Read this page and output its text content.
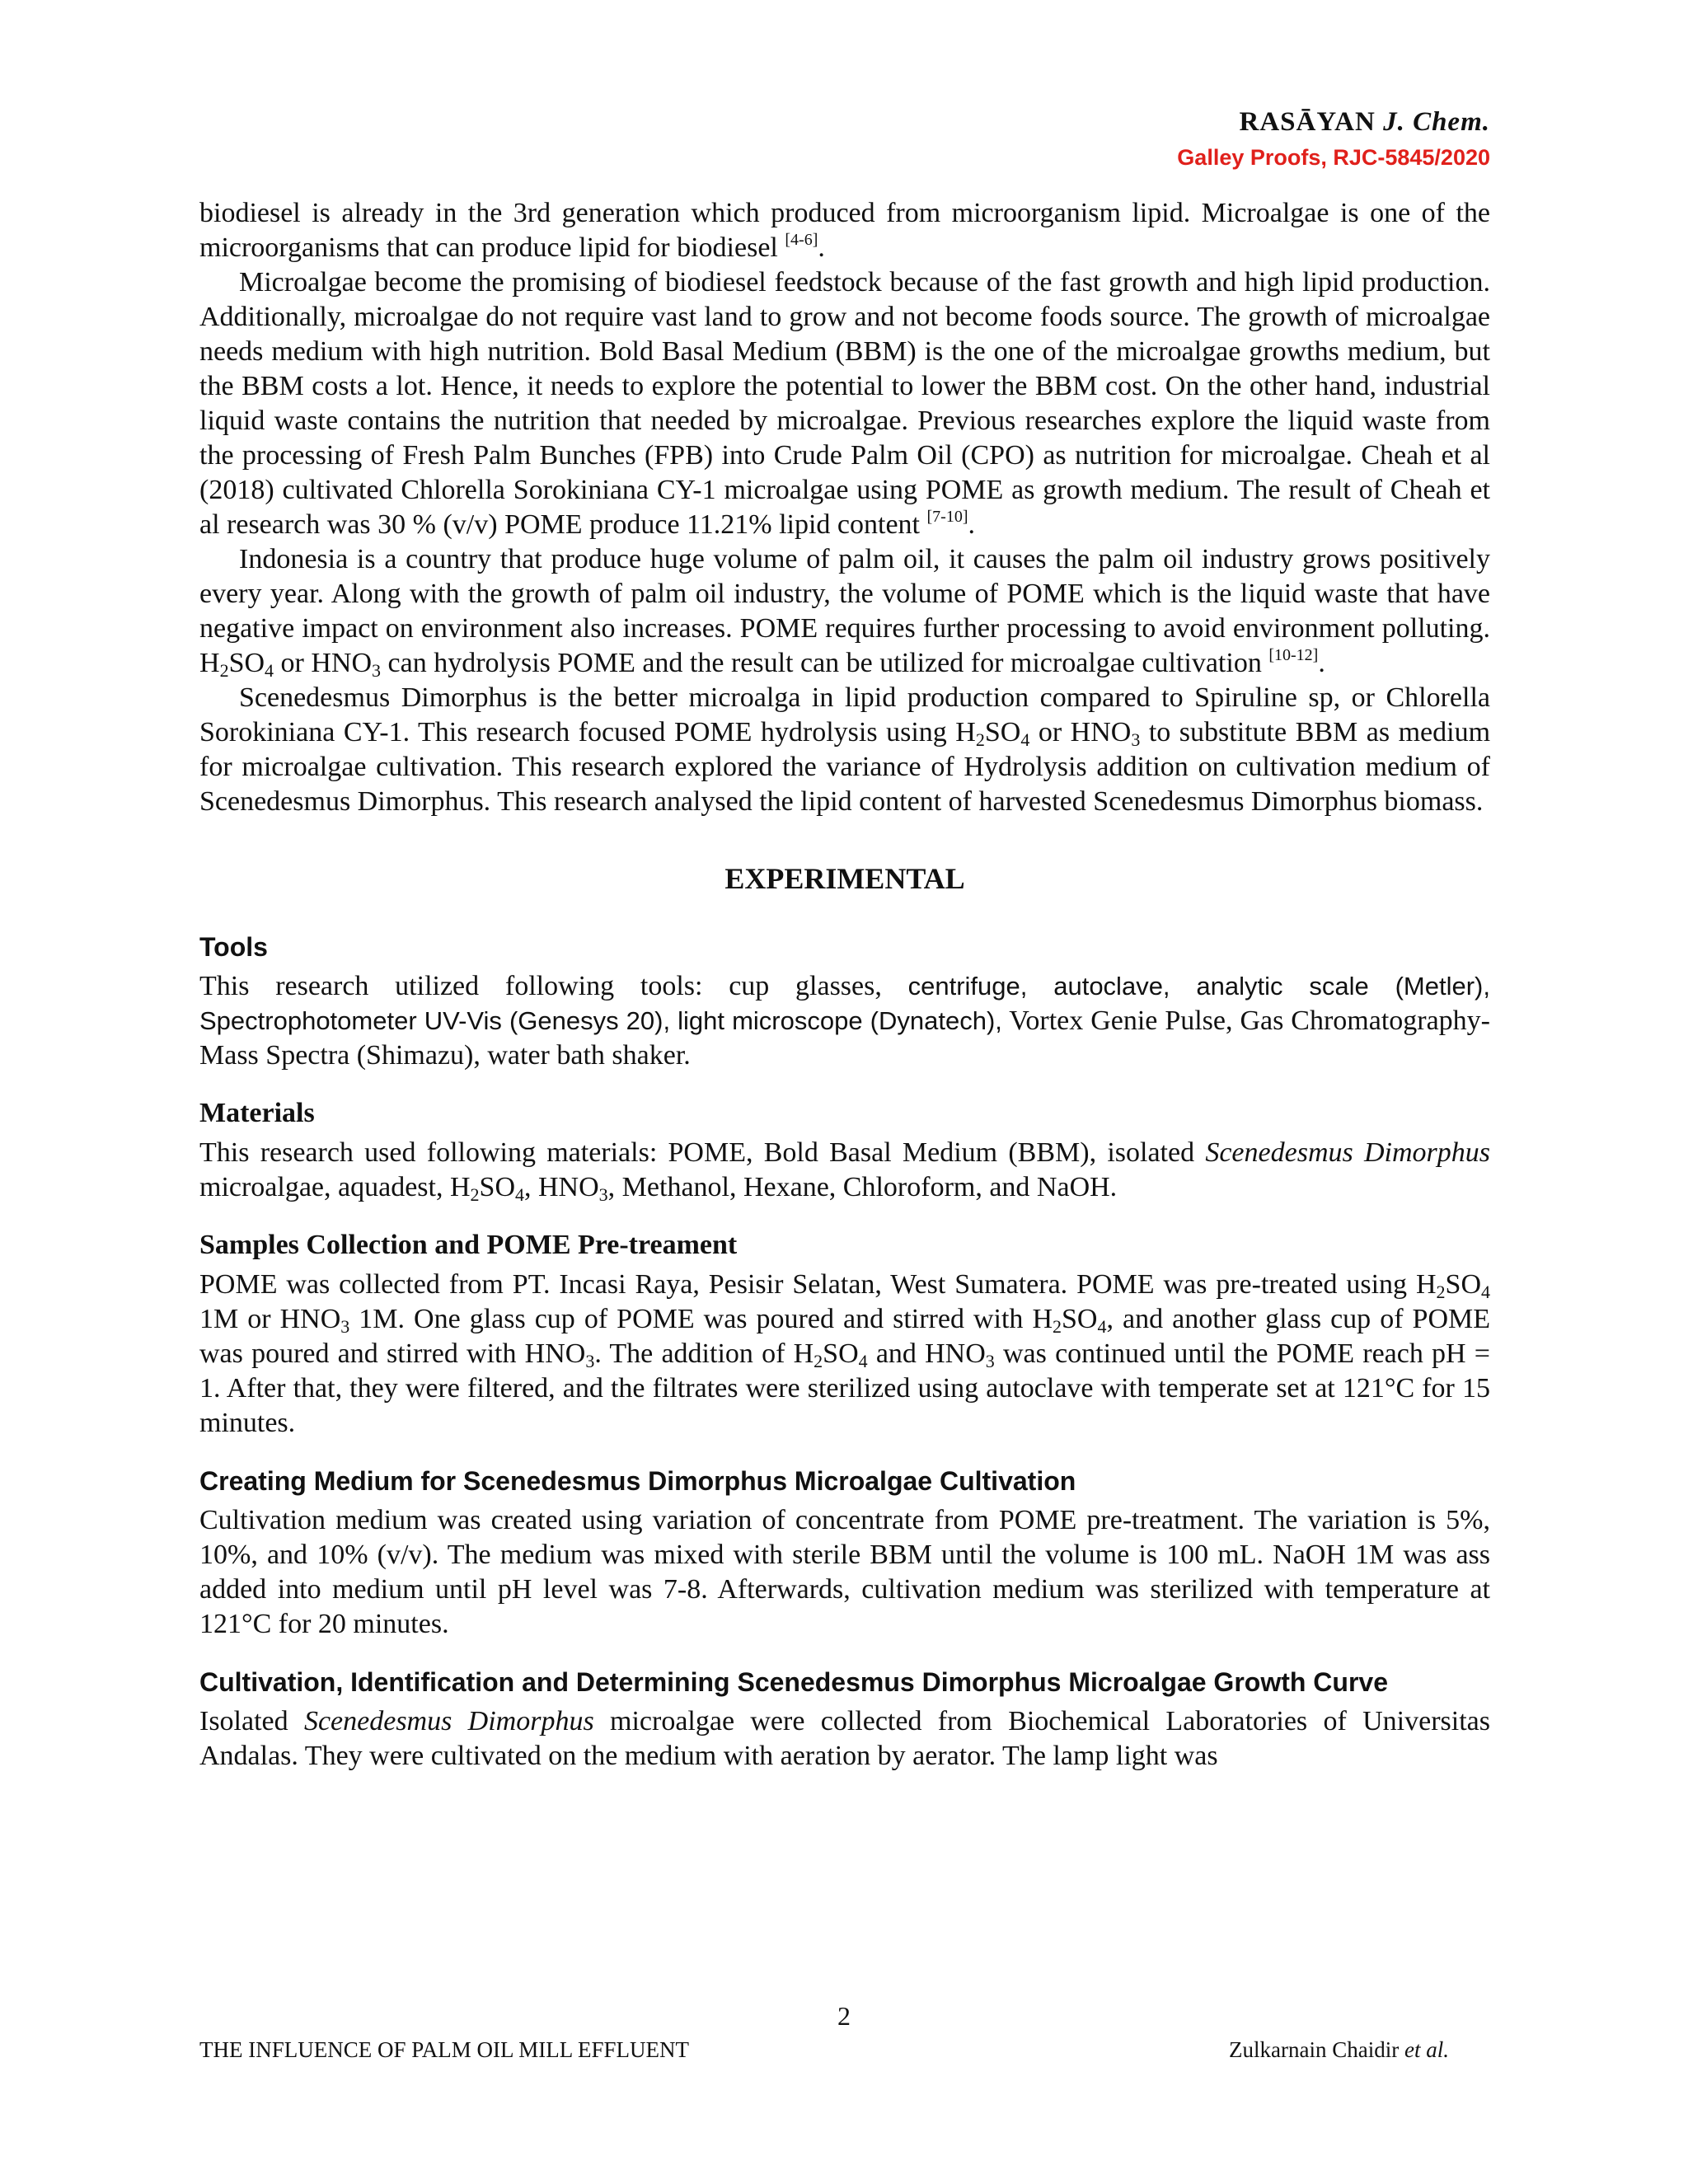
RASĀYAN J. Chem.
Galley Proofs, RJC-5845/2020

biodiesel is already in the 3rd generation which produced from microorganism lipid. Microalgae is one of the microorganisms that can produce lipid for biodiesel [4-6].

Microalgae become the promising of biodiesel feedstock because of the fast growth and high lipid production. Additionally, microalgae do not require vast land to grow and not become foods source. The growth of microalgae needs medium with high nutrition. Bold Basal Medium (BBM) is the one of the microalgae growths medium, but the BBM costs a lot. Hence, it needs to explore the potential to lower the BBM cost. On the other hand, industrial liquid waste contains the nutrition that needed by microalgae. Previous researches explore the liquid waste from the processing of Fresh Palm Bunches (FPB) into Crude Palm Oil (CPO) as nutrition for microalgae. Cheah et al (2018) cultivated Chlorella Sorokiniana CY-1 microalgae using POME as growth medium. The result of Cheah et al research was 30 % (v/v) POME produce 11.21% lipid content [7-10].

Indonesia is a country that produce huge volume of palm oil, it causes the palm oil industry grows positively every year. Along with the growth of palm oil industry, the volume of POME which is the liquid waste that have negative impact on environment also increases. POME requires further processing to avoid environment polluting. $H_2SO_4$ or $HNO_3$ can hydrolysis POME and the result can be utilized for microalgae cultivation [10-12].

Scenedesmus Dimorphus is the better microalga in lipid production compared to Spiruline sp, or Chlorella Sorokiniana CY-1. This research focused POME hydrolysis using $H_2SO_4$ or $HNO_3$ to substitute BBM as medium for microalgae cultivation. This research explored the variance of Hydrolysis addition on cultivation medium of Scenedesmus Dimorphus. This research analysed the lipid content of harvested Scenedesmus Dimorphus biomass.

EXPERIMENTAL
Tools

This research utilized following tools: cup glasses, centrifuge, autoclave, analytic scale (Metler), Spectrophotometer UV-Vis (Genesys 20), light microscope (Dynatech), Vortex Genie Pulse, Gas Chromatography- Mass Spectra (Shimazu), water bath shaker.

Materials

This research used following materials: POME, Bold Basal Medium (BBM), isolated Scenedesmus Dimorphus microalgae, aquadest, $H_2SO_4$, $HNO_3$, Methanol, Hexane, Chloroform, and NaOH.

Samples Collection and POME Pre-treament

POME was collected from PT. Incasi Raya, Pesisir Selatan, West Sumatera. POME was pre-treated using $H_2SO_4$ 1M or $HNO_3$ 1M. One glass cup of POME was poured and stirred with $H_2SO_4$, and another glass cup of POME was poured and stirred with $HNO_3$. The addition of $H_2SO_4$ and $HNO_3$ was continued until the POME reach pH = 1. After that, they were filtered, and the filtrates were sterilized using autoclave with temperate set at 121°C for 15 minutes.

Creating Medium for Scenedesmus Dimorphus Microalgae Cultivation

Cultivation medium was created using variation of concentrate from POME pre-treatment. The variation is 5%, 10%, and 10% (v/v). The medium was mixed with sterile BBM until the volume is 100 mL. NaOH 1M was ass added into medium until pH level was 7-8. Afterwards, cultivation medium was sterilized with temperature at 121°C for 20 minutes.

Cultivation, Identification and Determining Scenedesmus Dimorphus Microalgae Growth Curve

Isolated Scenedesmus Dimorphus microalgae were collected from Biochemical Laboratories of Universitas Andalas. They were cultivated on the medium with aeration by aerator. The lamp light was

2
THE INFLUENCE OF PALM OIL MILL EFFLUENT	Zulkarnain Chaidir et al.
